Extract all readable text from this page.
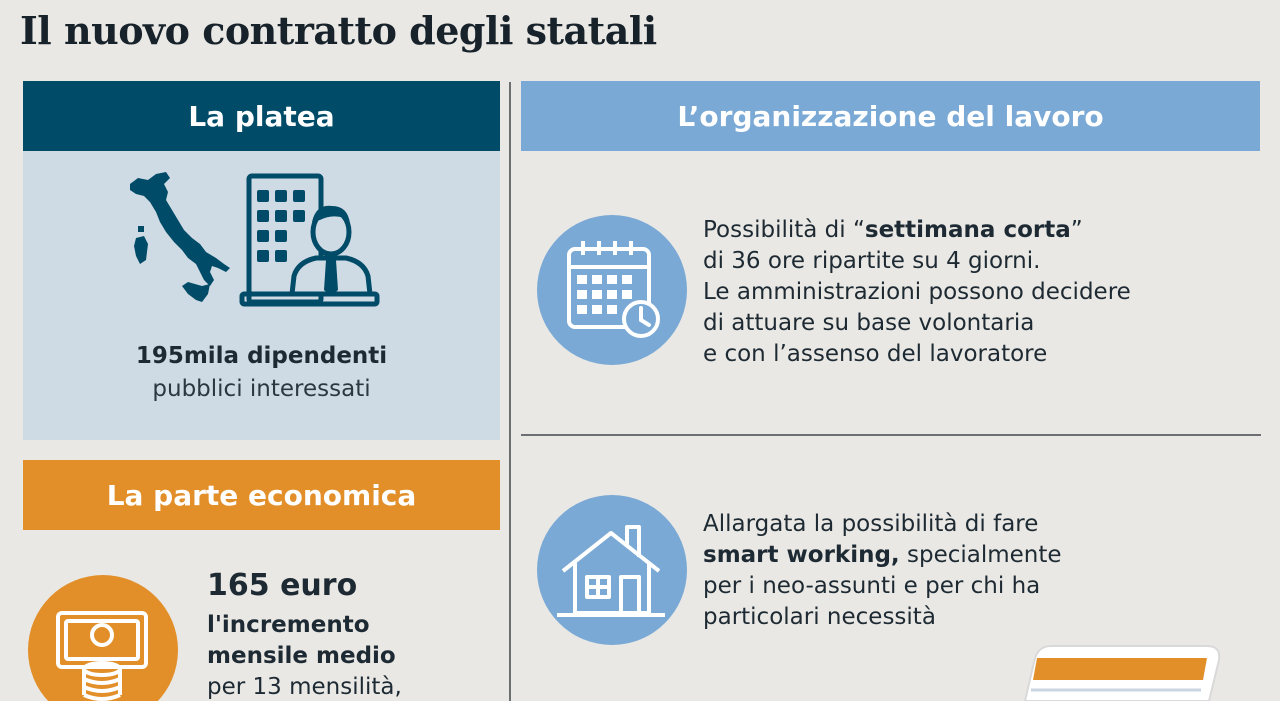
Il nuovo contratto degli statali
La platea
195mila dipendenti
pubblici interessati
La parte economica
165 euro
l'incremento
mensile medio
per 13 mensilità,
L’organizzazione del lavoro
Possibilità di “settimana corta”
di 36 ore ripartite su 4 giorni.
Le amministrazioni possono decidere
di attuare su base volontaria
e con l’assenso del lavoratore
Allargata la possibilità di fare
smart working, specialmente
per i neo-assunti e per chi ha
particolari necessità
